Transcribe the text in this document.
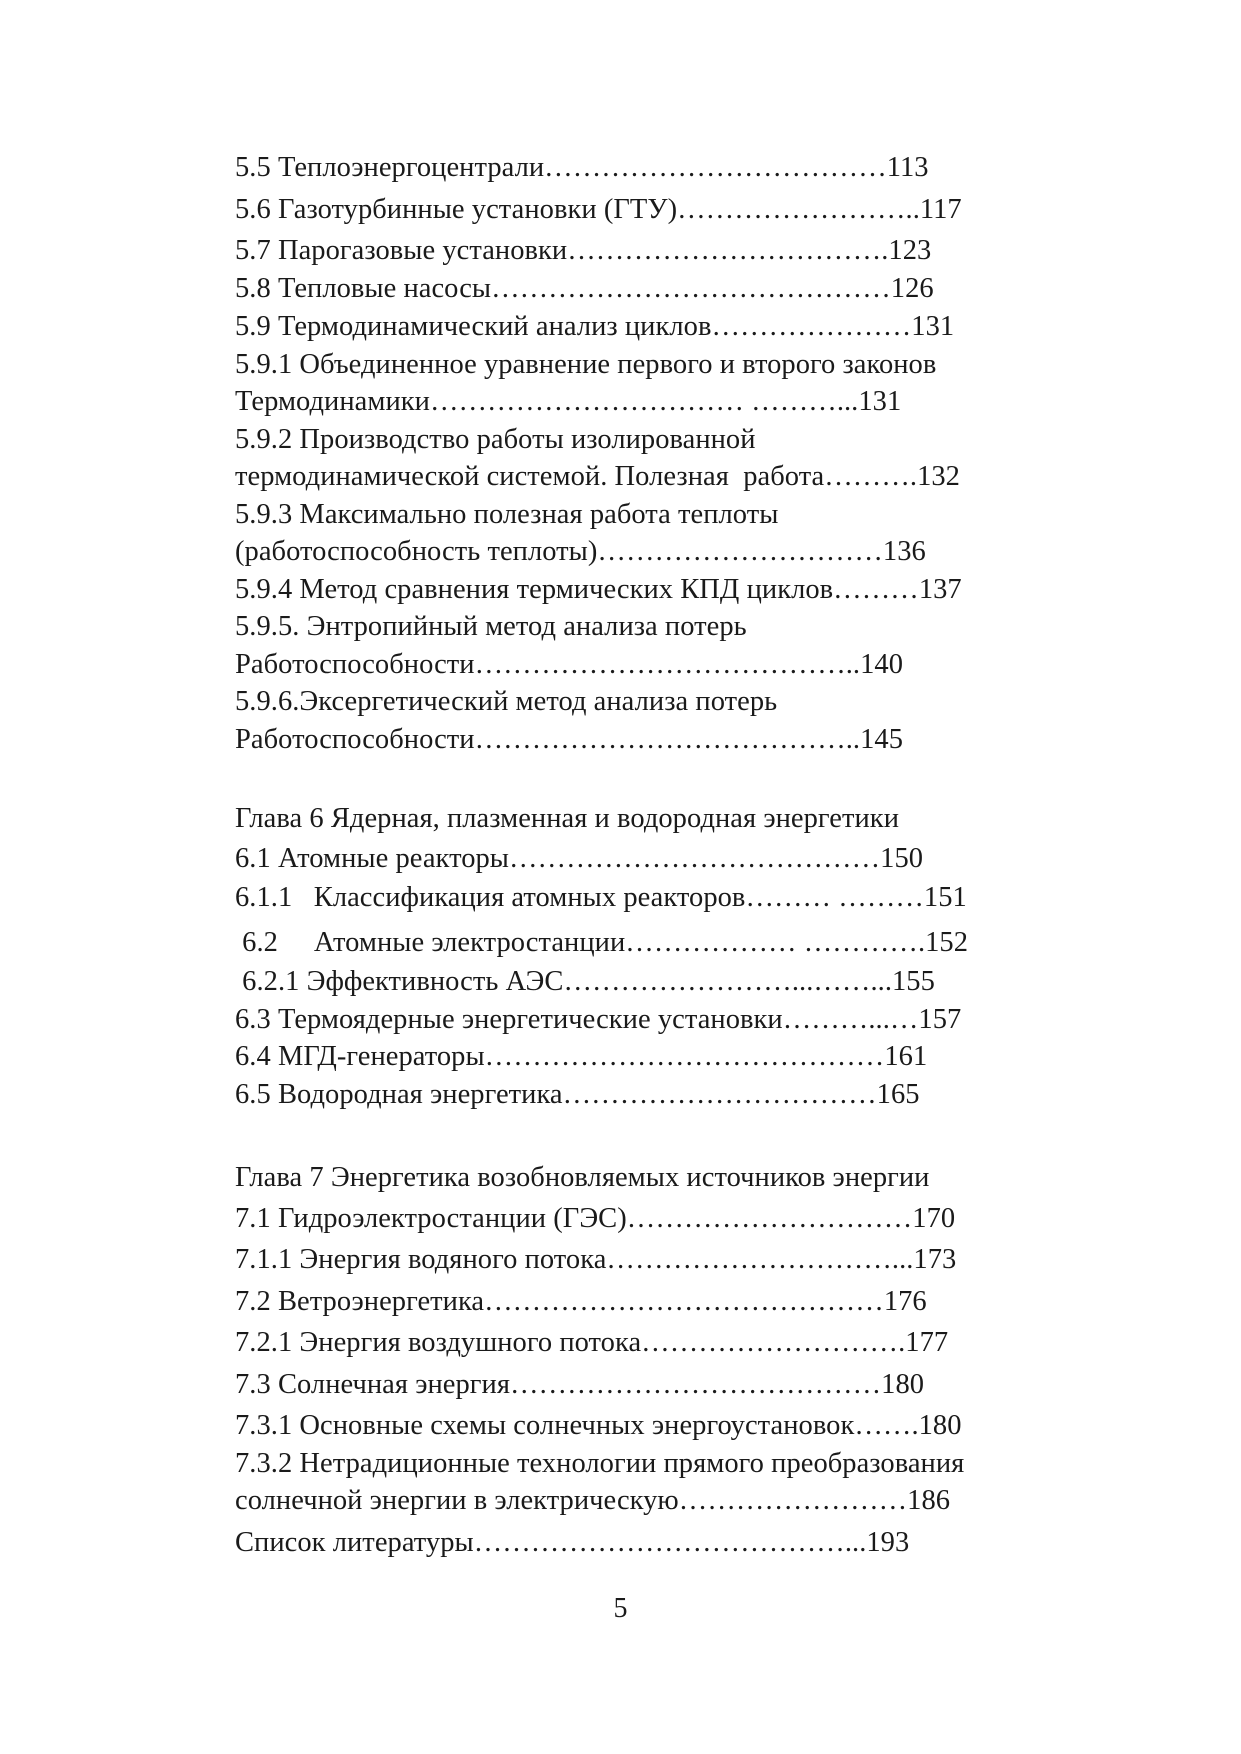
5.5 Теплоэнергоцентрали………………………………113
5.6 Газотурбинные установки (ГТУ)……………………..117
5.7 Парогазовые установки…………………………….123
5.8 Тепловые насосы……………………………………126
5.9 Термодинамический анализ циклов…………………131
5.9.1 Объединенное уравнение первого и второго законов
Термодинамики…………………………… ………...131
5.9.2 Производство работы изолированной
термодинамической системой. Полезная  работа……….132
5.9.3 Максимально полезная работа теплоты
(работоспособность теплоты)…………………………136
5.9.4 Метод сравнения термических КПД циклов………137
5.9.5. Энтропийный метод анализа потерь
Работоспособности…………………………………..140
5.9.6.Эксергетический метод анализа потерь
Работоспособности…………………………………..145
Глава 6 Ядерная, плазменная и водородная энергетики
6.1 Атомные реакторы…………………………………150
6.1.1   Классификация атомных реакторов……… ………151
6.2     Атомные электростанции……………… ………….152
6.2.1 Эффективность АЭС……………………...……...155
6.3 Термоядерные энергетические установки………...…157
6.4 МГД-генераторы……………………………………161
6.5 Водородная энергетика……………………………165
Глава 7 Энергетика возобновляемых источников энергии
7.1 Гидроэлектростанции (ГЭС)…………………………170
7.1.1 Энергия водяного потока…………………………...173
7.2 Ветроэнергетика……………………………………176
7.2.1 Энергия воздушного потока……………………….177
7.3 Солнечная энергия…………………………………180
7.3.1 Основные схемы солнечных энергоустановок…….180
7.3.2 Нетрадиционные технологии прямого преобразования
солнечной энергии в электрическую……………………186
Список литературы…………………………………...193
5
